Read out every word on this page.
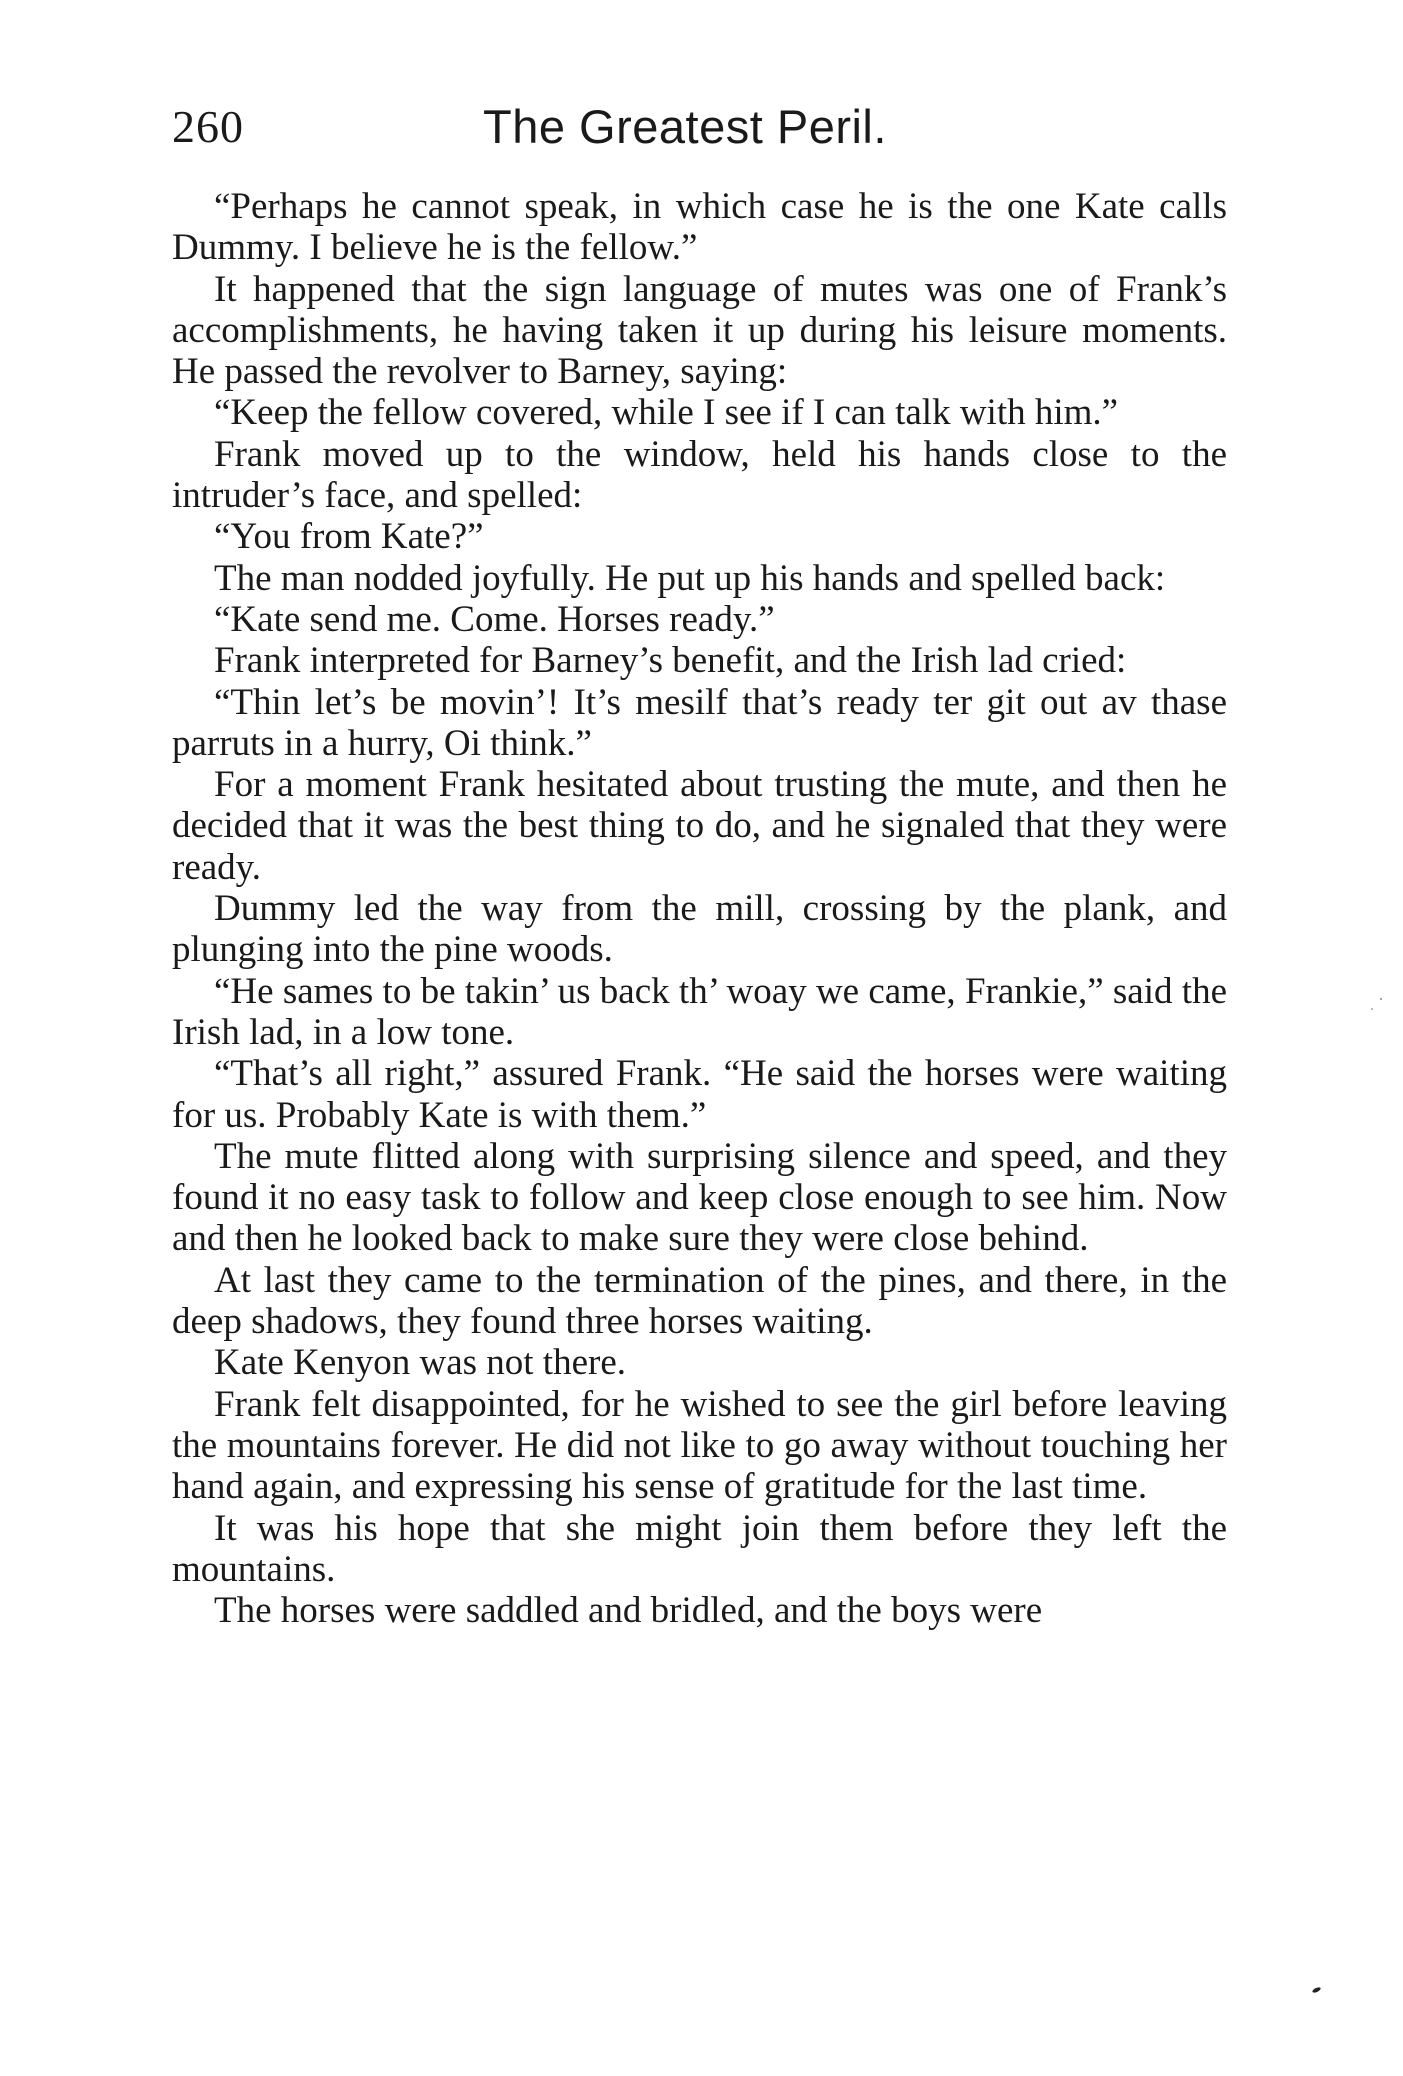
260	The Greatest Peril.

“Perhaps he cannot speak, in which case he is the one Kate calls Dummy. I believe he is the fellow.”

It happened that the sign language of mutes was one of Frank’s accomplishments, he having taken it up during his leisure moments. He passed the revolver to Barney, saying:

“Keep the fellow covered, while I see if I can talk with him.”

Frank moved up to the window, held his hands close to the intruder’s face, and spelled:

“You from Kate?”

The man nodded joyfully. He put up his hands and spelled back:

“Kate send me. Come. Horses ready.”

Frank interpreted for Barney’s benefit, and the Irish lad cried:

“Thin let’s be movin’! It’s mesilf that’s ready ter git out av thase parruts in a hurry, Oi think.”

For a moment Frank hesitated about trusting the mute, and then he decided that it was the best thing to do, and he signaled that they were ready.

Dummy led the way from the mill, crossing by the plank, and plunging into the pine woods.

“He sames to be takin’ us back th’ woay we came, Frankie,” said the Irish lad, in a low tone.

“That’s all right,” assured Frank. “He said the horses were waiting for us. Probably Kate is with them.”

The mute flitted along with surprising silence and speed, and they found it no easy task to follow and keep close enough to see him. Now and then he looked back to make sure they were close behind.

At last they came to the termination of the pines, and there, in the deep shadows, they found three horses waiting.

Kate Kenyon was not there.

Frank felt disappointed, for he wished to see the girl before leaving the mountains forever. He did not like to go away without touching her hand again, and expressing his sense of gratitude for the last time.

It was his hope that she might join them before they left the mountains.

The horses were saddled and bridled, and the boys were
